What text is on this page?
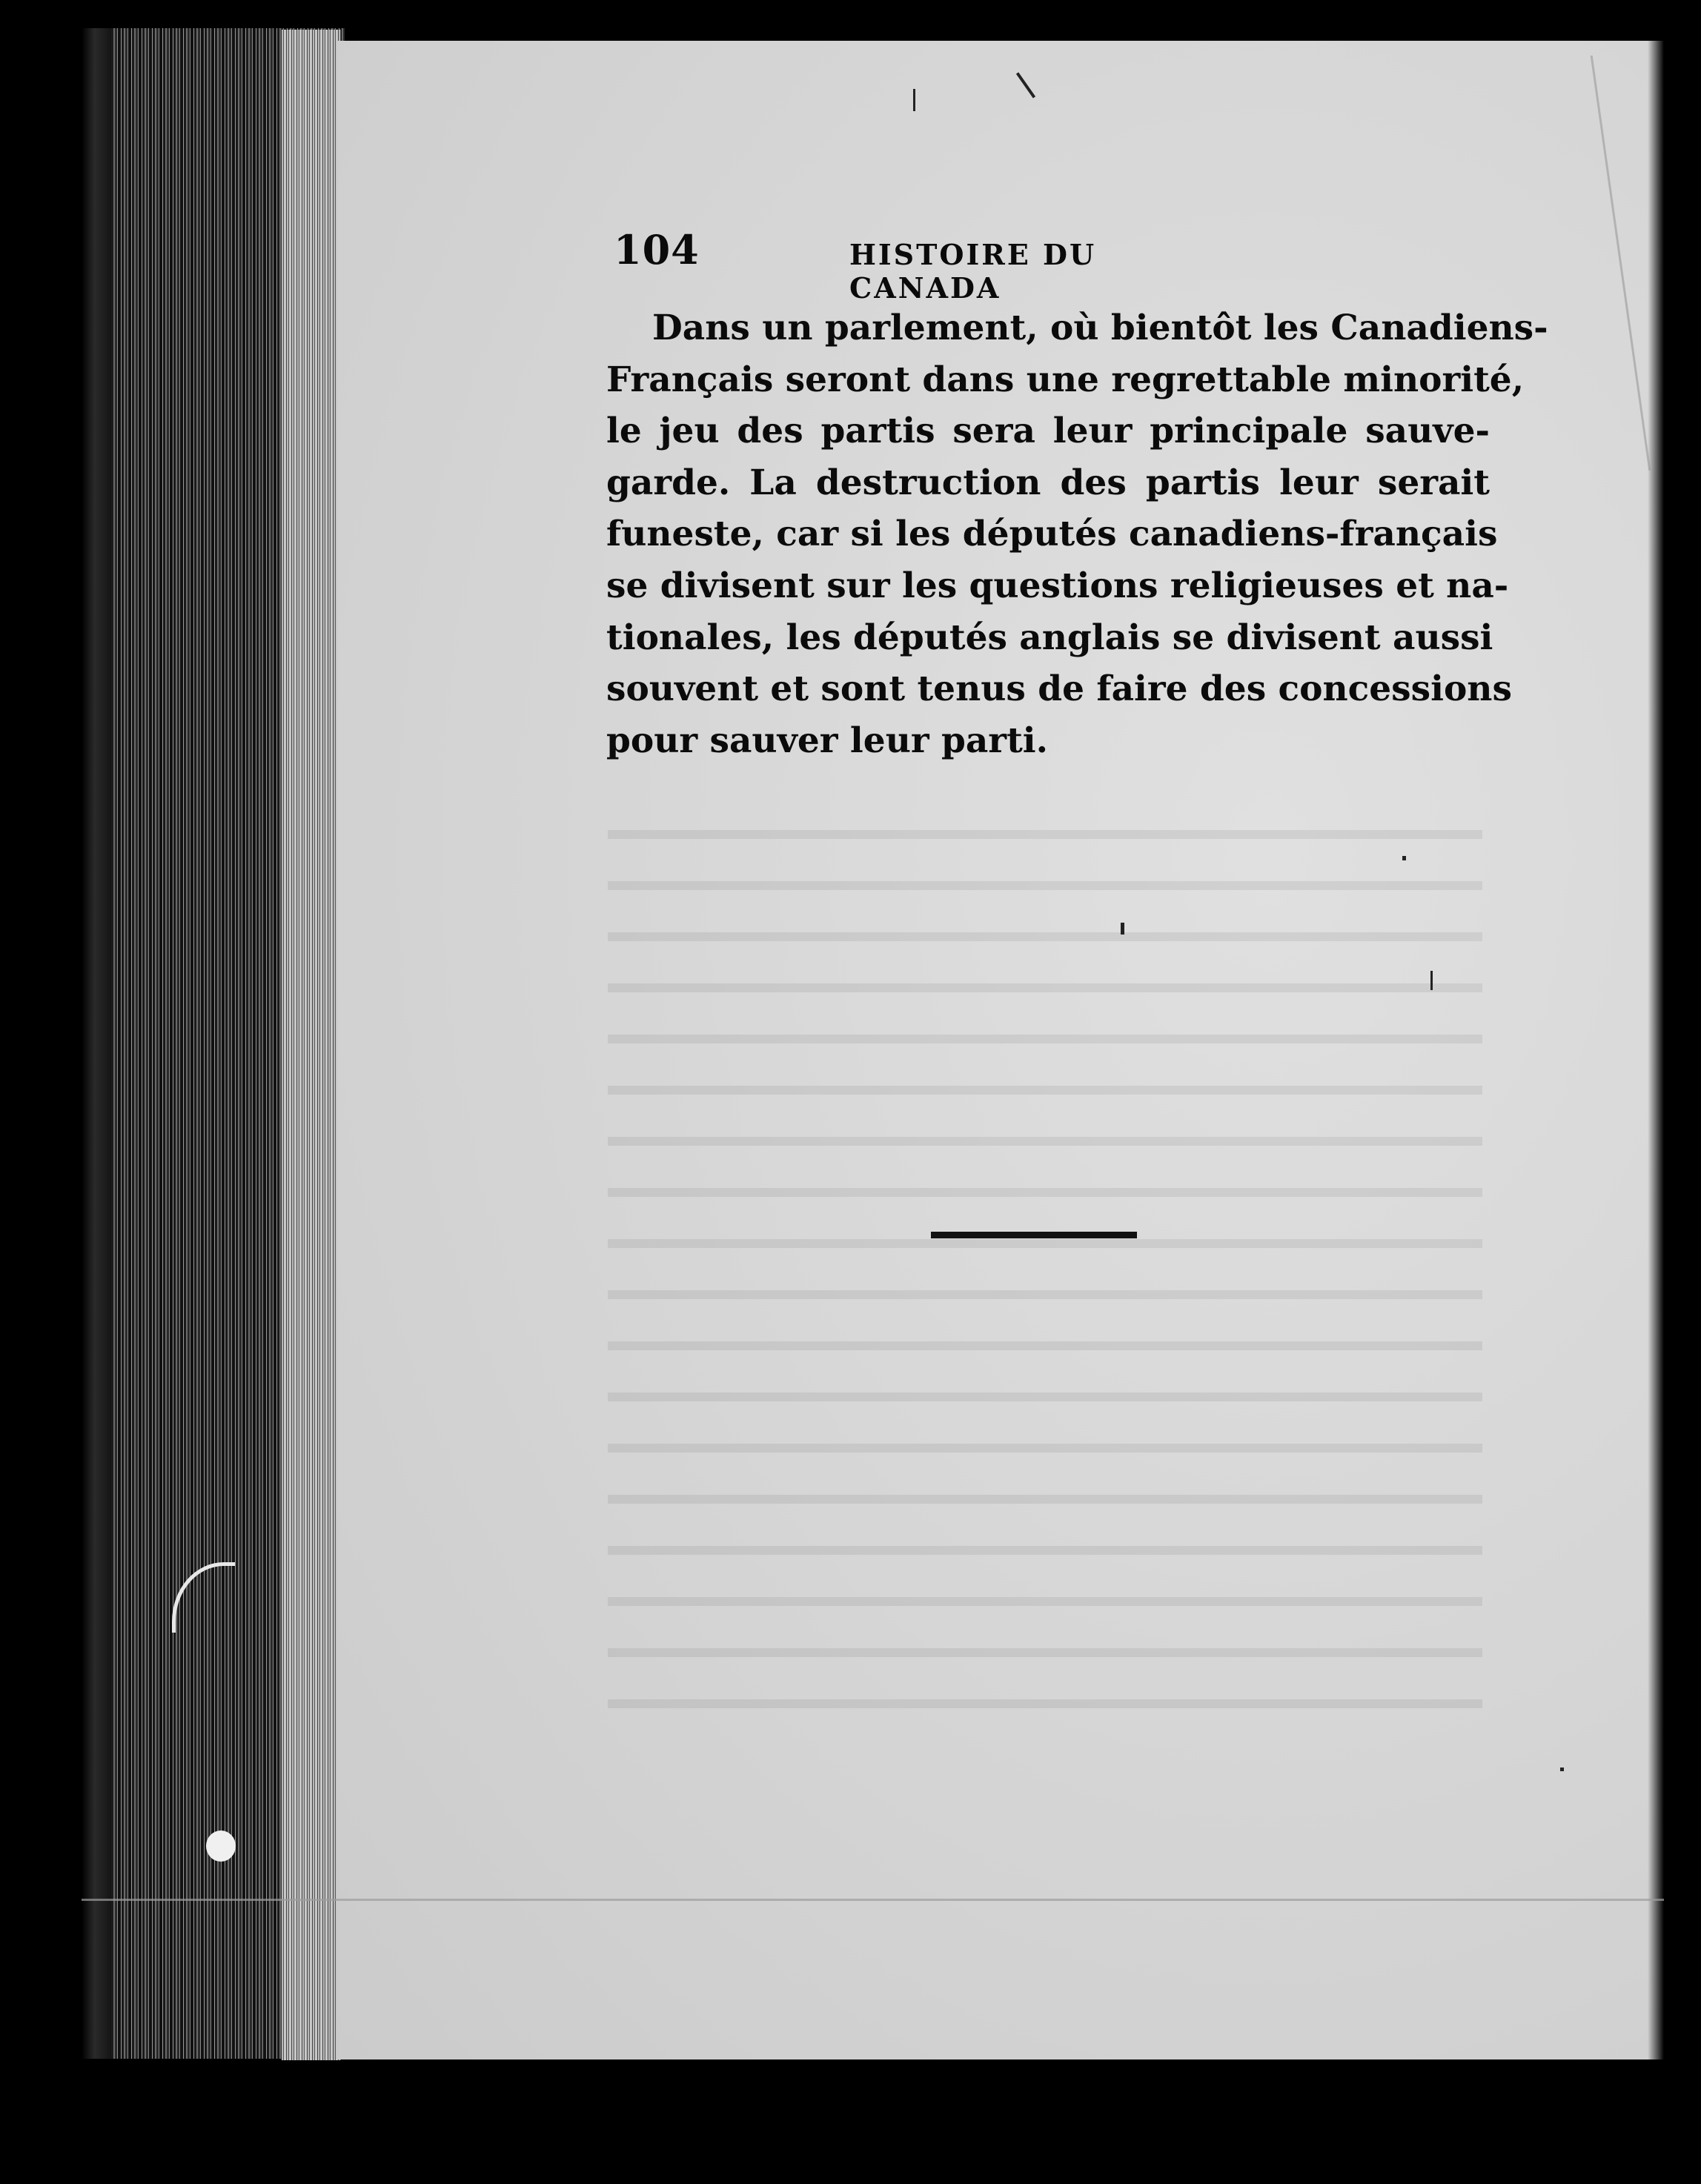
104	HISTOIRE DU CANADA
Dans un parlement, où bientôt les Canadiens-
Français seront dans une regrettable minorité,
le jeu des partis sera leur principale sauve-
garde. La destruction des partis leur serait
funeste, car si les députés canadiens-français
se divisent sur les questions religieuses et na-
tionales, les députés anglais se divisent aussi
souvent et sont tenus de faire des concessions
pour sauver leur parti.
